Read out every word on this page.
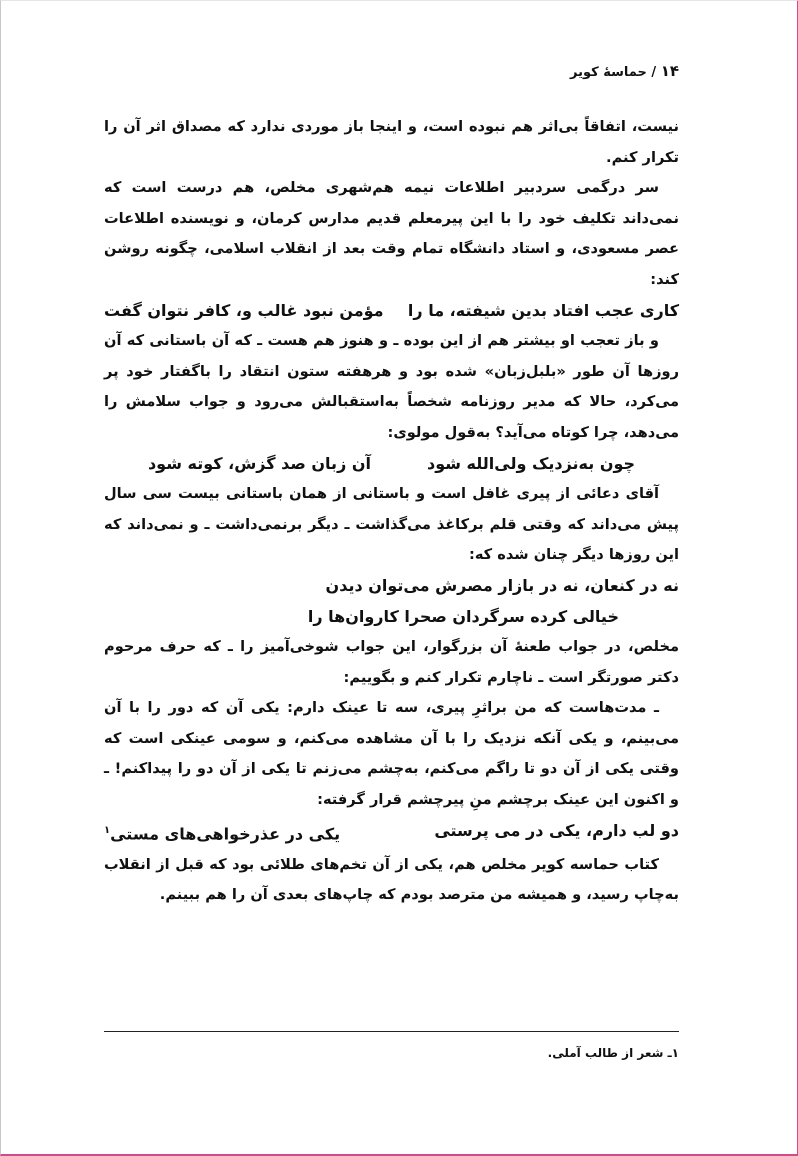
۱۴ / حماسهٔ کویر

نیست، اتفاقاً بی‌اثر هم نبوده است، و اینجا باز موردی ندارد که مصداق اثر آن را تکرار کنم.

سر درگمی سردبیر اطلاعات نیمه هم‌شهری مخلص، هم درست است که نمی‌داند تکلیف خود را با این پیرمعلم قدیم مدارس کرمان، و نویسنده اطلاعات عصر مسعودی، و استاد دانشگاه تمام وقت بعد از انقلاب اسلامی، چگونه روشن کند:

کاری عجب افتاد بدین شیفته، ما را
مؤمن نبود غالب و، کافر نتوان گفت

و باز تعجب او بیشتر هم از این بوده ـ و هنوز هم هست ـ که آن باستانی که آن روزها آن طور «بلبل‌زبان» شده بود و هرهفته ستون انتقاد را باگفتار خود پر می‌کرد، حالا که مدیر روزنامه شخصاً به‌استقبالش می‌رود و جواب سلامش را می‌دهد، چرا کوتاه می‌آید؟ به‌قول مولوی:

چون به‌نزدیک ولی‌الله شود
آن زبان صد گزش، کوته شود

آقای دعائی از پیری غافل است و باستانی از همان باستانی بیست سی سال پیش می‌داند که وقتی قلم برکاغذ می‌گذاشت ـ دیگر برنمی‌داشت ـ و نمی‌داند که این روزها دیگر چنان شده که:

نه در کنعان، نه در بازار مصرش می‌توان دیدن
خیالی کرده سرگردان صحرا کاروان‌ها را

مخلص، در جواب طعنهٔ آن بزرگوار، این جواب شوخی‌آمیز را ـ که حرف مرحوم دکتر صورتگر است ـ ناچارم تکرار کنم و بگوییم:

ـ مدت‌هاست که من براثرِ پیری، سه تا عینک دارم: یکی آن که دور را با آن می‌بینم، و یکی آنکه نزدیک را با آن مشاهده می‌کنم، و سومی عینکی است که وقتی یکی از آن دو تا راگم می‌کنم، به‌چشم می‌زنم تا یکی از آن دو را پیداکنم! ـ و اکنون این عینک برچشم منِ پیرچشم قرار گرفته:

دو لب دارم، یکی در می پرستی
یکی در عذرخواهی‌های مستی$^۱$

کتاب حماسه کویر مخلص هم، یکی از آن تخم‌های طلائی بود که قبل از انقلاب به‌چاپ رسید، و همیشه من مترصد بودم که چاپ‌های بعدی آن را هم ببینم.

۱ـ شعر از طالب آملی.
